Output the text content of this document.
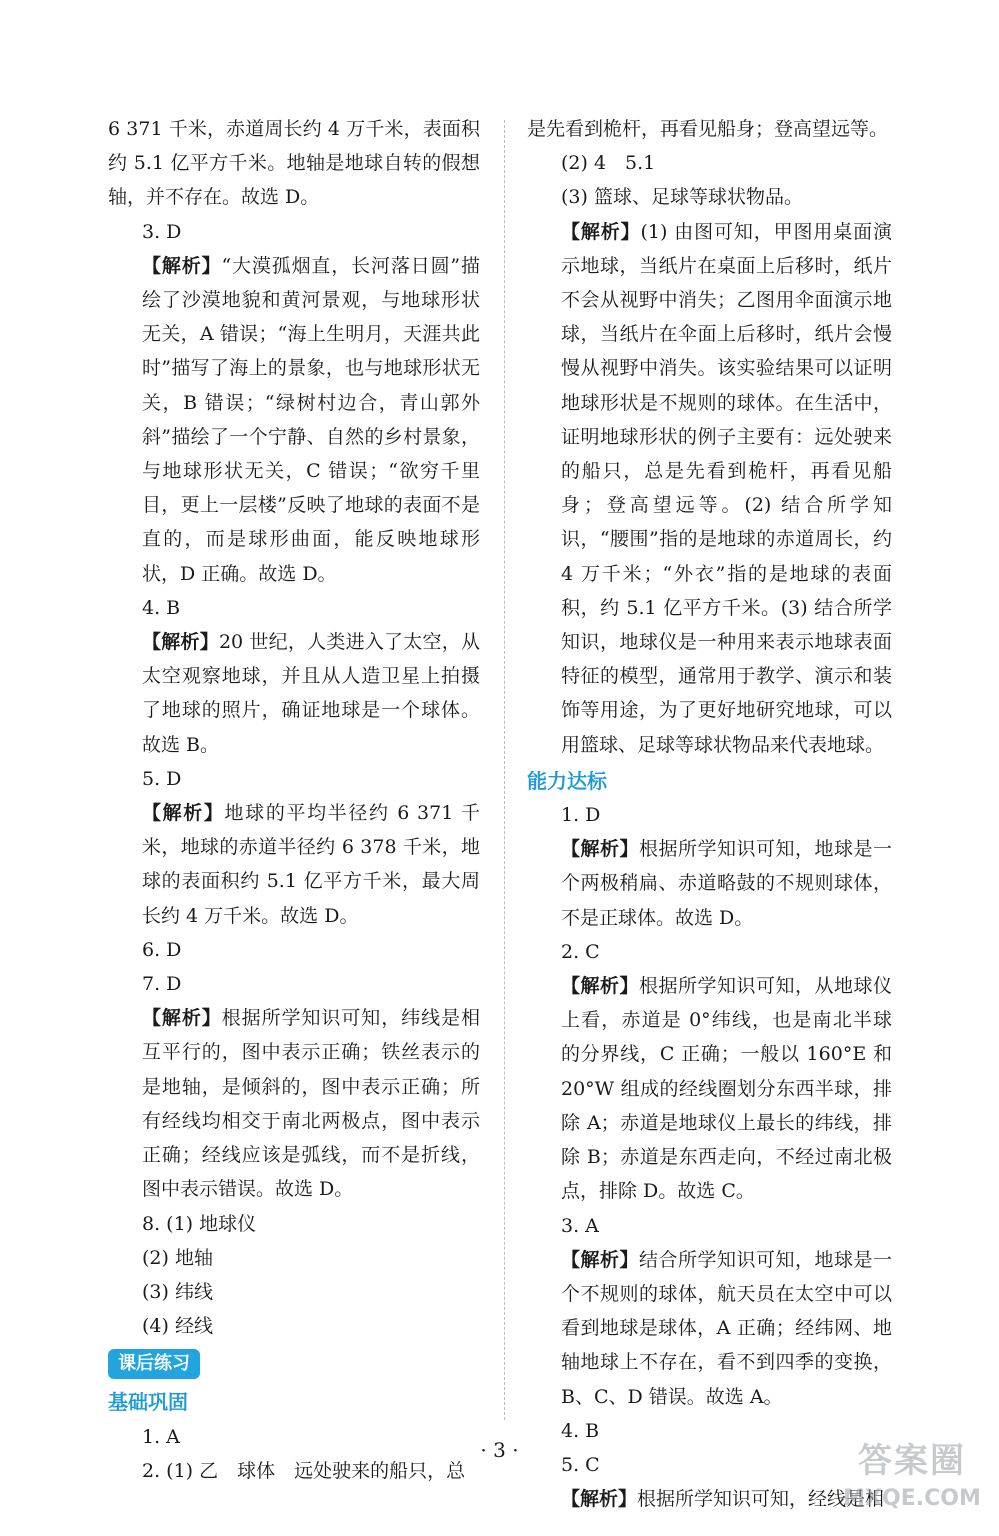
6 371 千米，赤道周长约 4 万千米，表面积约 5.1 亿平方千米。地轴是地球自转的假想轴，并不存在。故选 D。

3. D

【解析】“大漠孤烟直，长河落日圆”描绘了沙漠地貌和黄河景观，与地球形状无关，A 错误；“海上生明月，天涯共此时”描写了海上的景象，也与地球形状无关，B 错误；“绿树村边合，青山郭外斜”描绘了一个宁静、自然的乡村景象，与地球形状无关，C 错误；“欲穷千里目，更上一层楼”反映了地球的表面不是直的，而是球形曲面，能反映地球形状，D 正确。故选 D。

4. B

【解析】20 世纪，人类进入了太空，从太空观察地球，并且从人造卫星上拍摄了地球的照片，确证地球是一个球体。故选 B。

5. D

【解析】地球的平均半径约 6 371 千米，地球的赤道半径约 6 378 千米，地球的表面积约 5.1 亿平方千米，最大周长约 4 万千米。故选 D。

6. D

7. D

【解析】根据所学知识可知，纬线是相互平行的，图中表示正确；铁丝表示的是地轴，是倾斜的，图中表示正确；所有经线均相交于南北两极点，图中表示正确；经线应该是弧线，而不是折线，图中表示错误。故选 D。

8. (1) 地球仪

(2) 地轴

(3) 纬线

(4) 经线

课后练习

基础巩固

1. A

2. (1) 乙　球体　远处驶来的船只，总

是先看到桅杆，再看见船身；登高望远等。

(2) 4　5.1

(3) 篮球、足球等球状物品。

【解析】(1) 由图可知，甲图用桌面演示地球，当纸片在桌面上后移时，纸片不会从视野中消失；乙图用伞面演示地球，当纸片在伞面上后移时，纸片会慢慢从视野中消失。该实验结果可以证明地球形状是不规则的球体。在生活中，证明地球形状的例子主要有：远处驶来的船只，总是先看到桅杆，再看见船身；登高望远等。(2) 结合所学知识，“腰围”指的是地球的赤道周长，约 4 万千米；“外衣”指的是地球的表面积，约 5.1 亿平方千米。(3) 结合所学知识，地球仪是一种用来表示地球表面特征的模型，通常用于教学、演示和装饰等用途，为了更好地研究地球，可以用篮球、足球等球状物品来代表地球。

能力达标

1. D

【解析】根据所学知识可知，地球是一个两极稍扁、赤道略鼓的不规则球体，不是正球体。故选 D。

2. C

【解析】根据所学知识可知，从地球仪上看，赤道是 0°纬线，也是南北半球的分界线，C 正确；一般以 160°E 和 20°W 组成的经线圈划分东西半球，排除 A；赤道是地球仪上最长的纬线，排除 B；赤道是东西走向，不经过南北极点，排除 D。故选 C。

3. A

【解析】结合所学知识可知，地球是一个不规则的球体，航天员在太空中可以看到地球是球体，A 正确；经纬网、地轴地球上不存在，看不到四季的变换，B、C、D 错误。故选 A。

4. B

5. C

【解析】根据所学知识可知，经线是相

· 3 ·	答案圈
MXQE.COM
